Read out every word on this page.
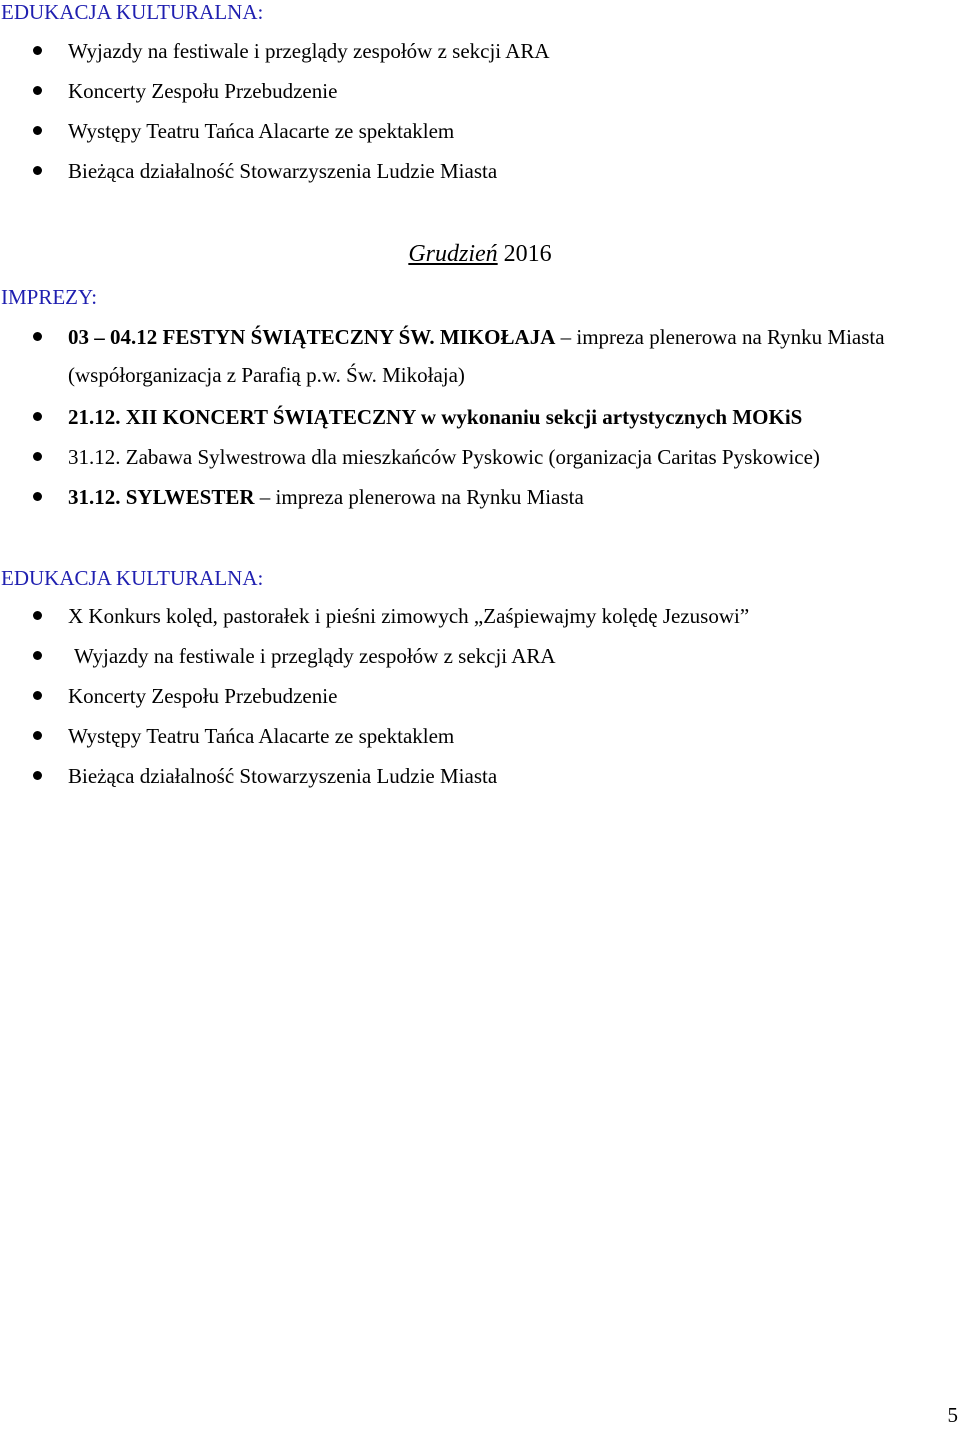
EDUKACJA KULTURALNA:
Wyjazdy na festiwale i przeglądy zespołów z sekcji ARA
Koncerty Zespołu Przebudzenie
Występy Teatru Tańca Alacarte ze spektaklem
Bieżąca działalność Stowarzyszenia Ludzie Miasta
Grudzień 2016
IMPREZY:
03 – 04.12 FESTYN ŚWIĄTECZNY ŚW. MIKOŁAJA – impreza plenerowa na Rynku Miasta
(współorganizacja z Parafią p.w. Św. Mikołaja)
21.12. XII KONCERT ŚWIĄTECZNY w wykonaniu sekcji artystycznych MOKiS
31.12. Zabawa Sylwestrowa dla mieszkańców Pyskowic (organizacja Caritas Pyskowice)
31.12. SYLWESTER – impreza plenerowa na Rynku Miasta
EDUKACJA KULTURALNA:
X Konkurs kolęd, pastorałek i pieśni zimowych „Zaśpiewajmy kolędę Jezusowi”
Wyjazdy na festiwale i przeglądy zespołów z sekcji ARA
Koncerty Zespołu Przebudzenie
Występy Teatru Tańca Alacarte ze spektaklem
Bieżąca działalność Stowarzyszenia Ludzie Miasta
5
